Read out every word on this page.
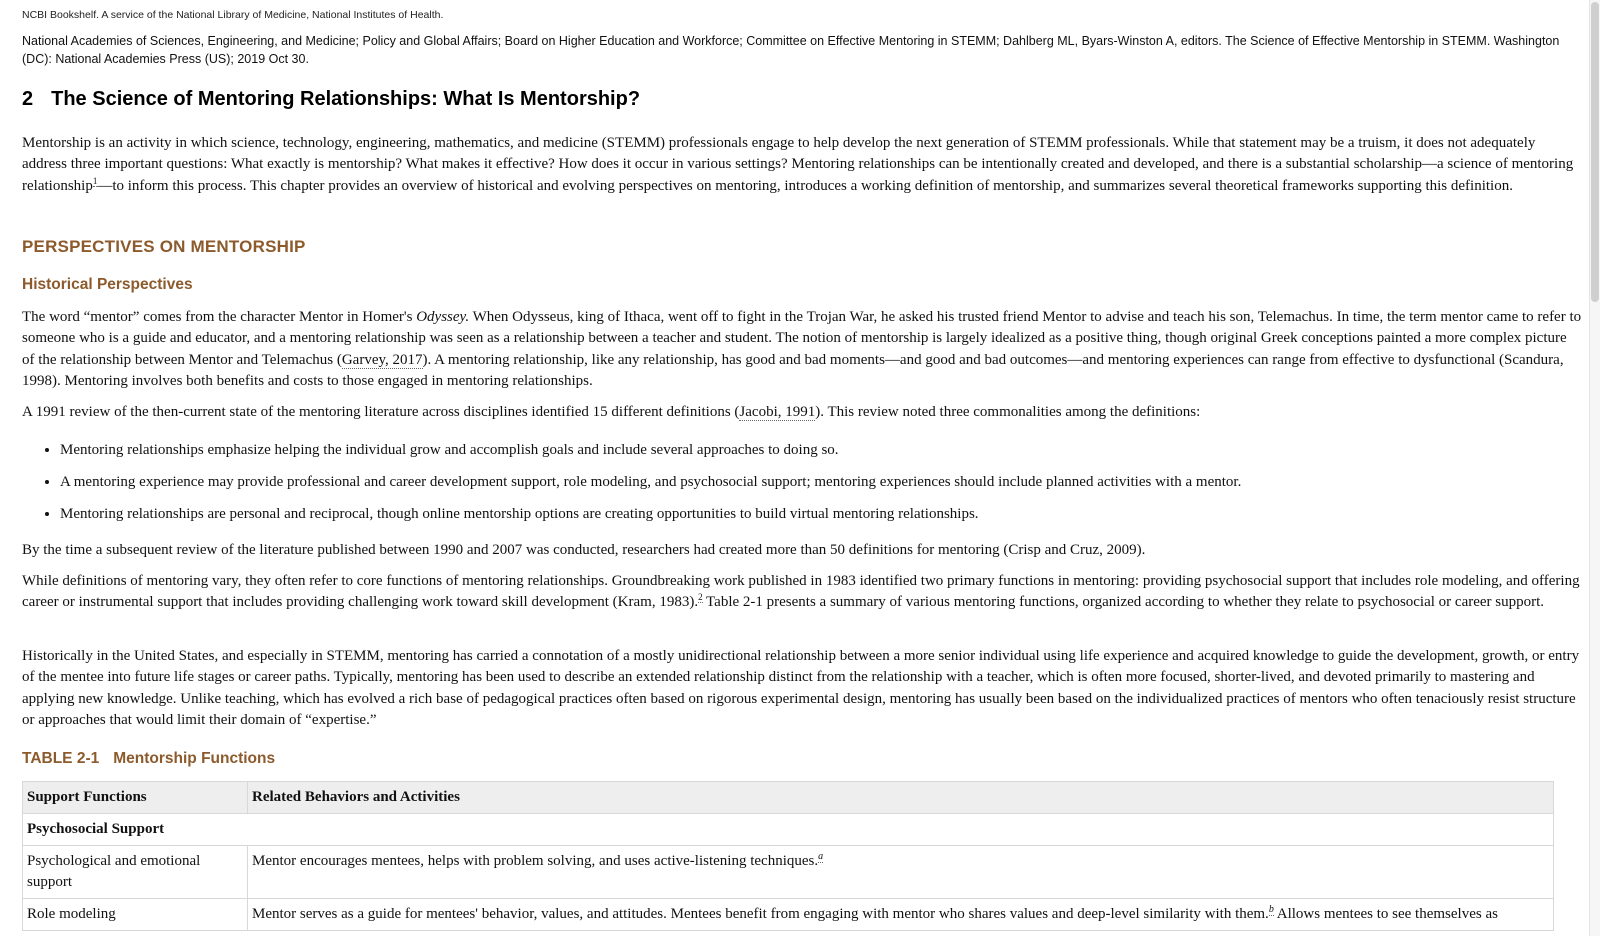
NCBI Bookshelf. A service of the National Library of Medicine, National Institutes of Health.
National Academies of Sciences, Engineering, and Medicine; Policy and Global Affairs; Board on Higher Education and Workforce; Committee on Effective Mentoring in STEMM; Dahlberg ML, Byars-Winston A, editors. The Science of Effective Mentorship in STEMM. Washington (DC): National Academies Press (US); 2019 Oct 30.
2 The Science of Mentoring Relationships: What Is Mentorship?

Mentorship is an activity in which science, technology, engineering, mathematics, and medicine (STEMM) professionals engage to help develop the next generation of STEMM professionals. While that statement may be a truism, it does not adequately address three important questions: What exactly is mentorship? What makes it effective? How does it occur in various settings? Mentoring relationships can be intentionally created and developed, and there is a substantial scholarship—a science of mentoring relationship$^1$—to inform this process. This chapter provides an overview of historical and evolving perspectives on mentoring, introduces a working definition of mentorship, and summarizes several theoretical frameworks supporting this definition.

PERSPECTIVES ON MENTORSHIP
Historical Perspectives

The word “mentor” comes from the character Mentor in Homer's Odyssey. When Odysseus, king of Ithaca, went off to fight in the Trojan War, he asked his trusted friend Mentor to advise and teach his son, Telemachus. In time, the term mentor came to refer to someone who is a guide and educator, and a mentoring relationship was seen as a relationship between a teacher and student. The notion of mentorship is largely idealized as a positive thing, though original Greek conceptions painted a more complex picture of the relationship between Mentor and Telemachus (Garvey, 2017). A mentoring relationship, like any relationship, has good and bad moments—and good and bad outcomes—and mentoring experiences can range from effective to dysfunctional (Scandura, 1998). Mentoring involves both benefits and costs to those engaged in mentoring relationships.

A 1991 review of the then-current state of the mentoring literature across disciplines identified 15 different definitions (Jacobi, 1991). This review noted three commonalities among the definitions:

• Mentoring relationships emphasize helping the individual grow and accomplish goals and include several approaches to doing so.
• A mentoring experience may provide professional and career development support, role modeling, and psychosocial support; mentoring experiences should include planned activities with a mentor.
• Mentoring relationships are personal and reciprocal, though online mentorship options are creating opportunities to build virtual mentoring relationships.

By the time a subsequent review of the literature published between 1990 and 2007 was conducted, researchers had created more than 50 definitions for mentoring (Crisp and Cruz, 2009).

While definitions of mentoring vary, they often refer to core functions of mentoring relationships. Groundbreaking work published in 1983 identified two primary functions in mentoring: providing psychosocial support that includes role modeling, and offering career or instrumental support that includes providing challenging work toward skill development (Kram, 1983).$^2$ Table 2-1 presents a summary of various mentoring functions, organized according to whether they relate to psychosocial or career support.

Historically in the United States, and especially in STEMM, mentoring has carried a connotation of a mostly unidirectional relationship between a more senior individual using life experience and acquired knowledge to guide the development, growth, or entry of the mentee into future life stages or career paths. Typically, mentoring has been used to describe an extended relationship distinct from the relationship with a teacher, which is often more focused, shorter-lived, and devoted primarily to mastering and applying new knowledge. Unlike teaching, which has evolved a rich base of pedagogical practices often based on rigorous experimental design, mentoring has usually been based on the individualized practices of mentors who often tenaciously resist structure or approaches that would limit their domain of “expertise.”

TABLE 2-1 Mentorship Functions
Support Functions	Related Behaviors and Activities
Psychosocial Support	
Psychological and emotional support	Mentor encourages mentees, helps with problem solving, and uses active-listening techniques.$^a$
Role modeling	Mentor serves as a guide for mentees' behavior, values, and attitudes. Mentees benefit from engaging with mentor who shares values and deep-level similarity with them.$^b$ Allows mentees to see themselves as
